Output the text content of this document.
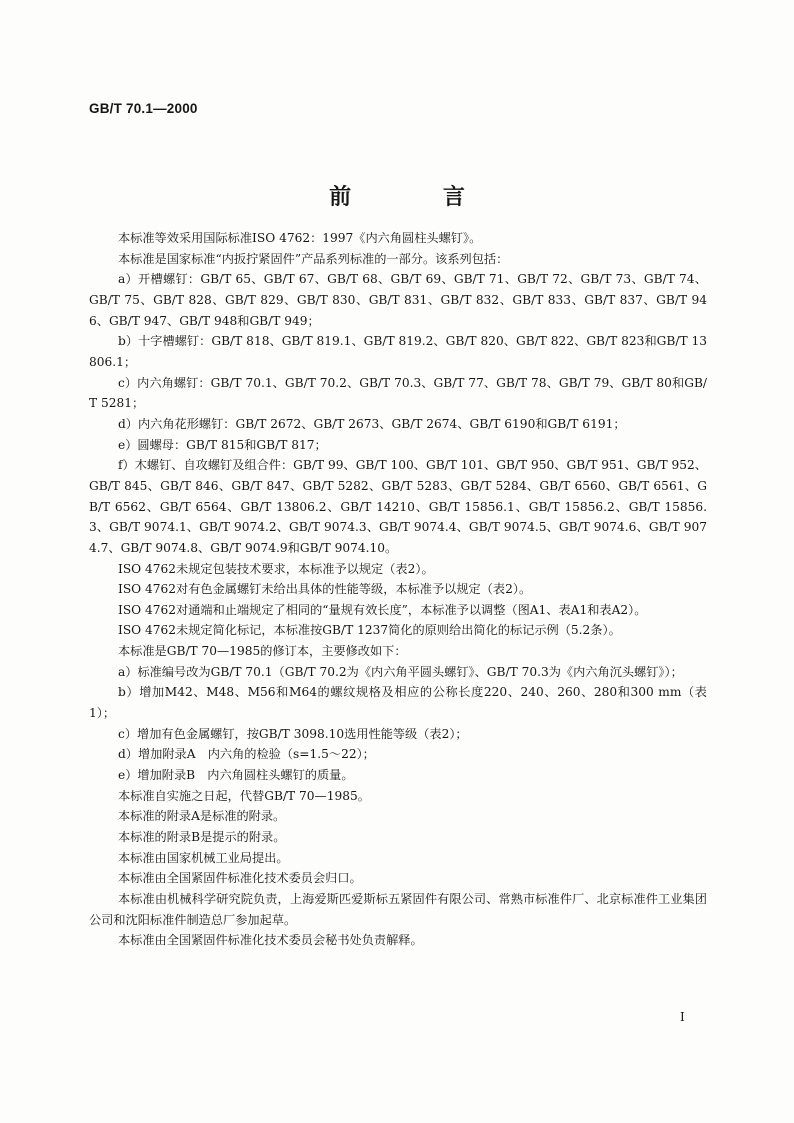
GB/T 70.1—2000
前 言

本标准等效采用国际标准ISO 4762：1997《内六角圆柱头螺钉》。

本标准是国家标准“内扳拧紧固件”产品系列标准的一部分。该系列包括：

a）开槽螺钉：GB/T 65、GB/T 67、GB/T 68、GB/T 69、GB/T 71、GB/T 72、GB/T 73、GB/T 74、GB/T 75、GB/T 828、GB/T 829、GB/T 830、GB/T 831、GB/T 832、GB/T 833、GB/T 837、GB/T 946、GB/T 947、GB/T 948和GB/T 949；

b）十字槽螺钉：GB/T 818、GB/T 819.1、GB/T 819.2、GB/T 820、GB/T 822、GB/T 823和GB/T 13806.1；

c）内六角螺钉：GB/T 70.1、GB/T 70.2、GB/T 70.3、GB/T 77、GB/T 78、GB/T 79、GB/T 80和GB/T 5281；

d）内六角花形螺钉：GB/T 2672、GB/T 2673、GB/T 2674、GB/T 6190和GB/T 6191；

e）圆螺母：GB/T 815和GB/T 817；

f）木螺钉、自攻螺钉及组合件：GB/T 99、GB/T 100、GB/T 101、GB/T 950、GB/T 951、GB/T 952、GB/T 845、GB/T 846、GB/T 847、GB/T 5282、GB/T 5283、GB/T 5284、GB/T 6560、GB/T 6561、GB/T 6562、GB/T 6564、GB/T 13806.2、GB/T 14210、GB/T 15856.1、GB/T 15856.2、GB/T 15856.3、GB/T 9074.1、GB/T 9074.2、GB/T 9074.3、GB/T 9074.4、GB/T 9074.5、GB/T 9074.6、GB/T 9074.7、GB/T 9074.8、GB/T 9074.9和GB/T 9074.10。

ISO 4762未规定包装技术要求，本标准予以规定（表2）。

ISO 4762对有色金属螺钉未给出具体的性能等级，本标准予以规定（表2）。

ISO 4762对通端和止端规定了相同的“量规有效长度”，本标准予以调整（图A1、表A1和表A2）。

ISO 4762未规定简化标记，本标准按GB/T 1237简化的原则给出简化的标记示例（5.2条）。

本标准是GB/T 70—1985的修订本，主要修改如下：

a）标准编号改为GB/T 70.1（GB/T 70.2为《内六角平圆头螺钉》、GB/T 70.3为《内六角沉头螺钉》）；

b）增加M42、M48、M56和M64的螺纹规格及相应的公称长度220、240、260、280和300 mm（表1）；

c）增加有色金属螺钉，按GB/T 3098.10选用性能等级（表2）；

d）增加附录A　内六角的检验（s=1.5～22）；

e）增加附录B　内六角圆柱头螺钉的质量。

本标准自实施之日起，代替GB/T 70—1985。

本标准的附录A是标准的附录。

本标准的附录B是提示的附录。

本标准由国家机械工业局提出。

本标准由全国紧固件标准化技术委员会归口。

本标准由机械科学研究院负责，上海爱斯匹爱斯标五紧固件有限公司、常熟市标准件厂、北京标准件工业集团公司和沈阳标准件制造总厂参加起草。

本标准由全国紧固件标准化技术委员会秘书处负责解释。

I
